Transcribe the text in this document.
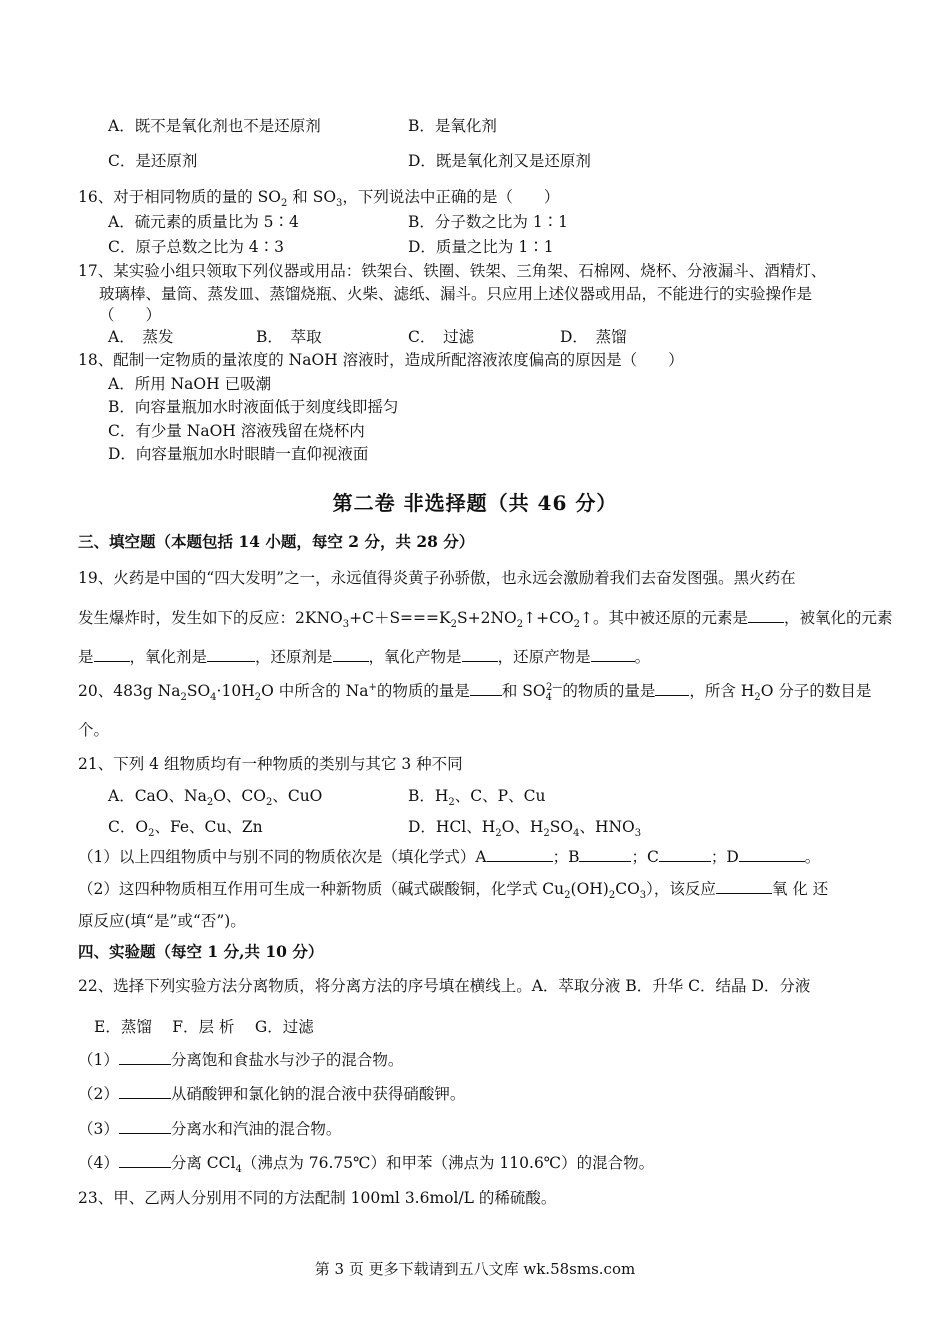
A．既不是氧化剂也不是还原剂	B．是氧化剂
C．是还原剂	D．既是氧化剂又是还原剂
16、对于相同物质的量的 $SO_2$ 和 $SO_3$，下列说法中正确的是（　　）
A．硫元素的质量比为 5∶4	B．分子数之比为 1∶1
C．原子总数之比为 4∶3	D．质量之比为 1∶1
17、某实验小组只领取下列仪器或用品：铁架台、铁圈、铁架、三角架、石棉网、烧杯、分液漏斗、酒精灯、
玻璃棒、量筒、蒸发皿、蒸馏烧瓶、火柴、滤纸、漏斗。只应用上述仪器或用品，不能进行的实验操作是
（　　）
A．　蒸发	B．　萃取	C．　过滤	D．　蒸馏
18、配制一定物质的量浓度的 NaOH 溶液时，造成所配溶液浓度偏高的原因是（　　）
A．所用 NaOH 已吸潮
B．向容量瓶加水时液面低于刻度线即摇匀
C．有少量 NaOH 溶液残留在烧杯内
D．向容量瓶加水时眼睛一直仰视液面
第二卷 非选择题（共 46 分）
三、填空题（本题包括 14 小题，每空 2 分，共 28 分）
19、火药是中国的“四大发明”之一，永远值得炎黄子孙骄傲，也永远会激励着我们去奋发图强。黑火药在
发生爆炸时，发生如下的反应：$2KNO_3+C+S===K_2S+2NO_2↑+CO_2↑$。其中被还原的元素是 ，被氧化的元素
是 ，氧化剂是	，还原剂是 ，氧化产物是 ，还原产物是	。
20、483g $Na_2SO_4\cdot 10H_2O$ 中所含的 Na+的物质的量是 和 $SO_4^{2—}$的物质的量是 ，所含 $H_2O$ 分子的数目是
个。
21、下列 4 组物质均有一种物质的类别与其它 3 种不同
A．CaO、$Na_2O$、$CO_2$、CuO	B．$H_2$、C、P、Cu
C．$O_2$、Fe、Cu、Zn	D．HCl、$H_2O$、$H_2SO_4$、$HNO_3$
（1）以上四组物质中与别不同的物质依次是（填化学式）A	；B	；C	；D	。
（2）这四种物质相互作用可生成一种新物质（碱式碳酸铜，化学式 $Cu_2(OH)_2CO_3$），该反应	氧 化 还
原反应(填“是”或“否”)。
四、实验题（每空 1 分,共 10 分）
22、选择下列实验方法分离物质，将分离方法的序号填在横线上。A．萃取分液 B．升华 C．结晶 D．分液
E．蒸馏　 F．层 析　 G．过滤
（1）	分离饱和食盐水与沙子的混合物。
（2）	从硝酸钾和氯化钠的混合液中获得硝酸钾。
（3）	分离水和汽油的混合物。
（4）	分离 CCl$_4$（沸点为 76.75℃）和甲苯（沸点为 110.6℃）的混合物。
23、甲、乙两人分别用不同的方法配制 100ml 3.6mol/L 的稀硫酸。
第 3 页 更多下载请到五八文库 wk.58sms.com
